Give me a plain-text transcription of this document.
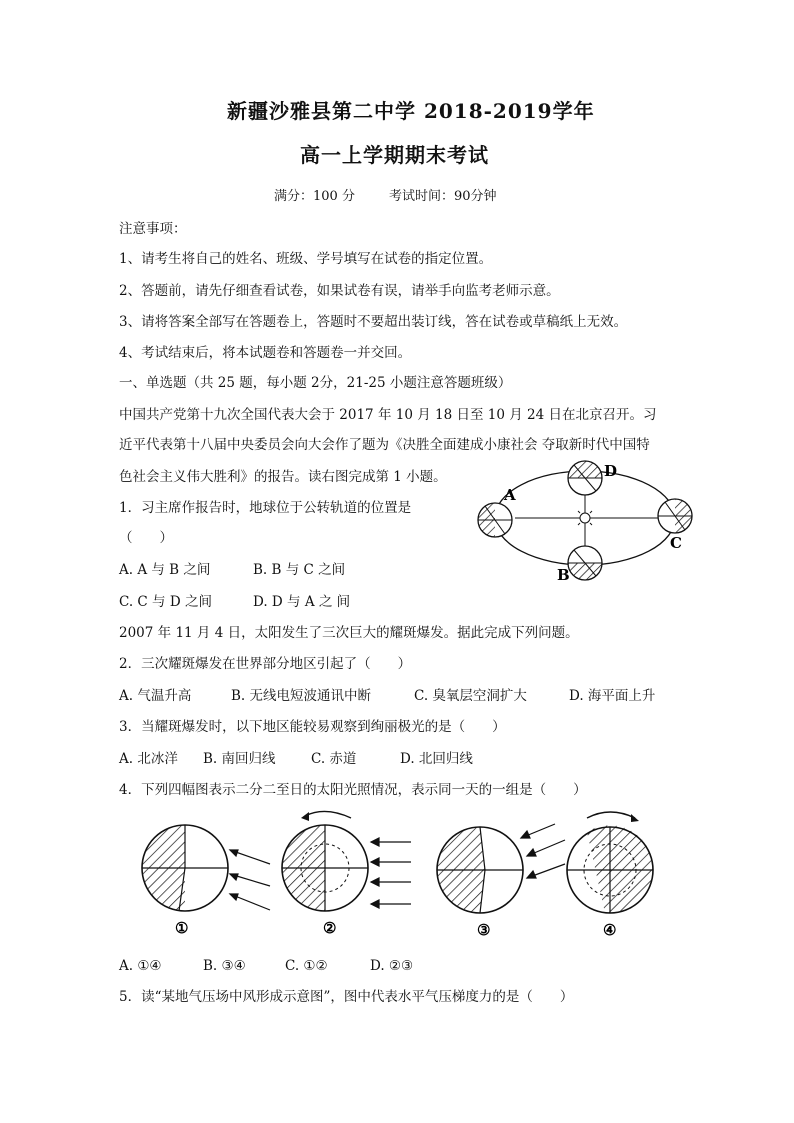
新疆沙雅县第二中学 2018-2019学年
高一上学期期末考试
满分：100 分	考试时间：90分钟
注意事项：
1、请考生将自己的姓名、班级、学号填写在试卷的指定位置。
2、答题前，请先仔细查看试卷，如果试卷有误，请举手向监考老师示意。
3、请将答案全部写在答题卷上，答题时不要超出装订线，答在试卷或草稿纸上无效。
4、考试结束后，将本试题卷和答题卷一并交回。
一、单选题（共 25 题，每小题 2分，21-25 小题注意答题班级）
中国共产党第十九次全国代表大会于 2017 年 10 月 18 日至 10 月 24 日在北京召开。习
近平代表第十八届中央委员会向大会作了题为《决胜全面建成小康社会 夺取新时代中国特
色社会主义伟大胜利》的报告。读右图完成第 1 小题。
1．习主席作报告时，地球位于公转轨道的位置是
（　　）
A. A 与 B 之间	B. B 与 C 之间
C. C 与 D 之间	D. D 与 A 之 间
A
B
C
D
2007 年 11 月 4 日，太阳发生了三次巨大的耀斑爆发。据此完成下列问题。
2．三次耀斑爆发在世界部分地区引起了（　　）
A. 气温升高	B. 无线电短波通讯中断	C. 臭氧层空洞扩大	D. 海平面上升
3．当耀斑爆发时，以下地区能较易观察到绚丽极光的是（　　）
A. 北冰洋 B. 南回归线	C. 赤道	D. 北回归线
4．下列四幅图表示二分二至日的太阳光照情况，表示同一天的一组是（　　）
①	②	③	④
A. ①④	B. ③④	C. ①②	D. ②③
5．读“某地气压场中风形成示意图”，图中代表水平气压梯度力的是（　　）
